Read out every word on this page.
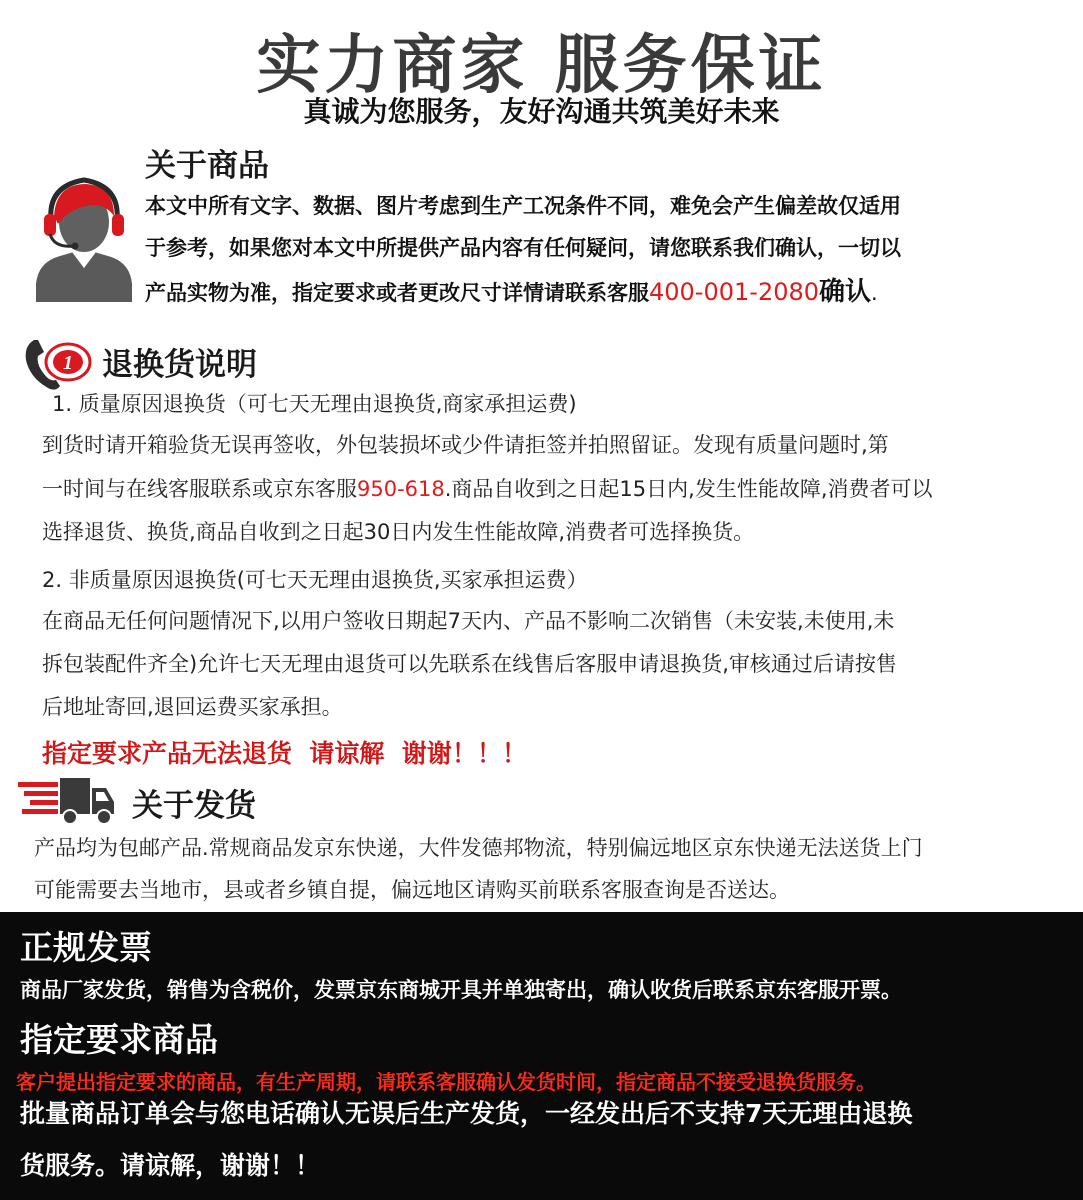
实力商家 服务保证
真诚为您服务，友好沟通共筑美好未来
关于商品
本文中所有文字、数据、图片考虑到生产工况条件不同，难免会产生偏差故仅适用
于参考，如果您对本文中所提供产品内容有任何疑问，请您联系我们确认，一切以
产品实物为准，指定要求或者更改尺寸详情请联系客服400-001-2080确认.
1 退换货说明
1. 质量原因退换货（可七天无理由退换货,商家承担运费)
到货时请开箱验货无误再签收，外包装损坏或少件请拒签并拍照留证。发现有质量问题时,第
一时间与在线客服联系或京东客服950-618.商品自收到之日起15日内,发生性能故障,消费者可以
选择退货、换货,商品自收到之日起30日内发生性能故障,消费者可选择换货。
2. 非质量原因退换货(可七天无理由退换货,买家承担运费）
在商品无任何问题情况下,以用户签收日期起7天内、产品不影响二次销售（未安装,未使用,未
拆包装配件齐全)允许七天无理由退货可以先联系在线售后客服申请退换货,审核通过后请按售
后地址寄回,退回运费买家承担。
指定要求产品无法退货  请谅解  谢谢！！！
关于发货
产品均为包邮产品.常规商品发京东快递，大件发德邦物流，特别偏远地区京东快递无法送货上门
可能需要去当地市，县或者乡镇自提，偏远地区请购买前联系客服查询是否送达。
正规发票
商品厂家发货，销售为含税价，发票京东商城开具并单独寄出，确认收货后联系京东客服开票。
指定要求商品
客户提出指定要求的商品，有生产周期，请联系客服确认发货时间，指定商品不接受退换货服务。
批量商品订单会与您电话确认无误后生产发货，一经发出后不支持7天无理由退换
货服务。请谅解，谢谢！！
